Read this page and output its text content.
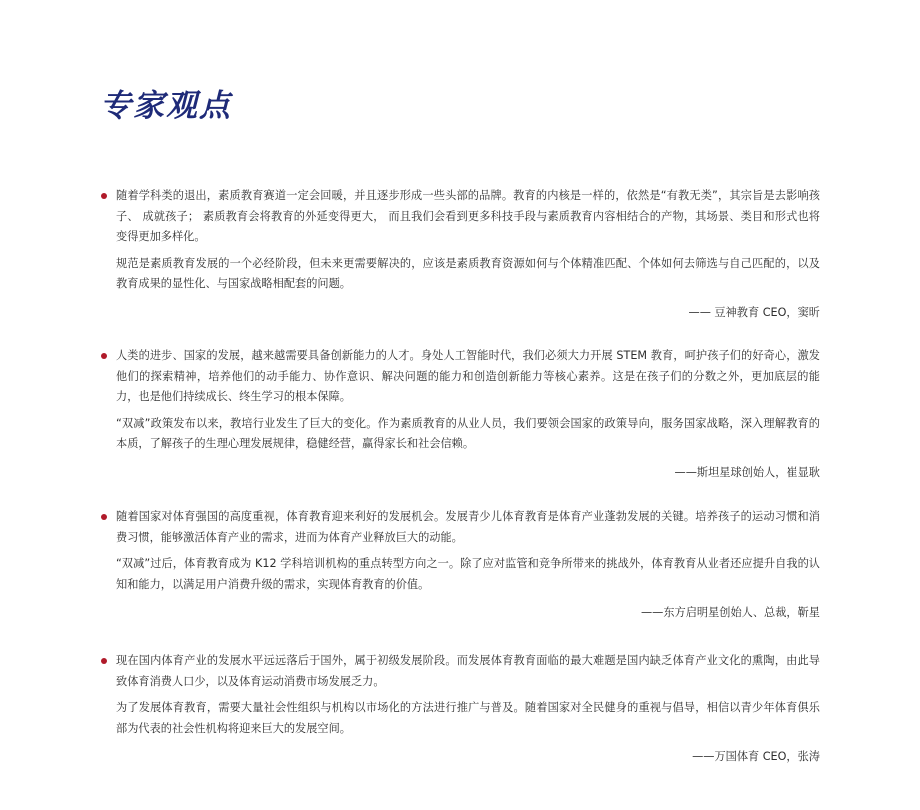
专家观点

随着学科类的退出，素质教育赛道一定会回暖，并且逐步形成一些头部的品牌。教育的内核是一样的，依然是“有教无类”，其宗旨是去影响孩子、 成就孩子； 素质教育会将教育的外延变得更大， 而且我们会看到更多科技手段与素质教育内容相结合的产物，其场景、类目和形式也将变得更加多样化。

规范是素质教育发展的一个必经阶段，但未来更需要解决的，应该是素质教育资源如何与个体精准匹配、个体如何去筛选与自己匹配的，以及教育成果的显性化、与国家战略相配套的问题。

—— 豆神教育 CEO，窦昕

人类的进步、国家的发展，越来越需要具备创新能力的人才。身处人工智能时代，我们必须大力开展 STEM 教育，呵护孩子们的好奇心，激发他们的探索精神，培养他们的动手能力、协作意识、解决问题的能力和创造创新能力等核心素养。这是在孩子们的分数之外，更加底层的能力，也是他们持续成长、终生学习的根本保障。

“双减”政策发布以来，教培行业发生了巨大的变化。作为素质教育的从业人员，我们要领会国家的政策导向，服务国家战略，深入理解教育的本质，了解孩子的生理心理发展规律，稳健经营，赢得家长和社会信赖。

——斯坦星球创始人，崔显耿

随着国家对体育强国的高度重视，体育教育迎来利好的发展机会。发展青少儿体育教育是体育产业蓬勃发展的关键。培养孩子的运动习惯和消费习惯，能够激活体育产业的需求，进而为体育产业释放巨大的动能。

“双减”过后，体育教育成为 K12 学科培训机构的重点转型方向之一。除了应对监管和竞争所带来的挑战外，体育教育从业者还应提升自我的认知和能力，以满足用户消费升级的需求，实现体育教育的价值。

——东方启明星创始人、总裁，靳星

现在国内体育产业的发展水平远远落后于国外，属于初级发展阶段。而发展体育教育面临的最大难题是国内缺乏体育产业文化的熏陶，由此导致体育消费人口少，以及体育运动消费市场发展乏力。

为了发展体育教育，需要大量社会性组织与机构以市场化的方法进行推广与普及。随着国家对全民健身的重视与倡导，相信以青少年体育俱乐部为代表的社会性机构将迎来巨大的发展空间。

——万国体育 CEO，张涛
